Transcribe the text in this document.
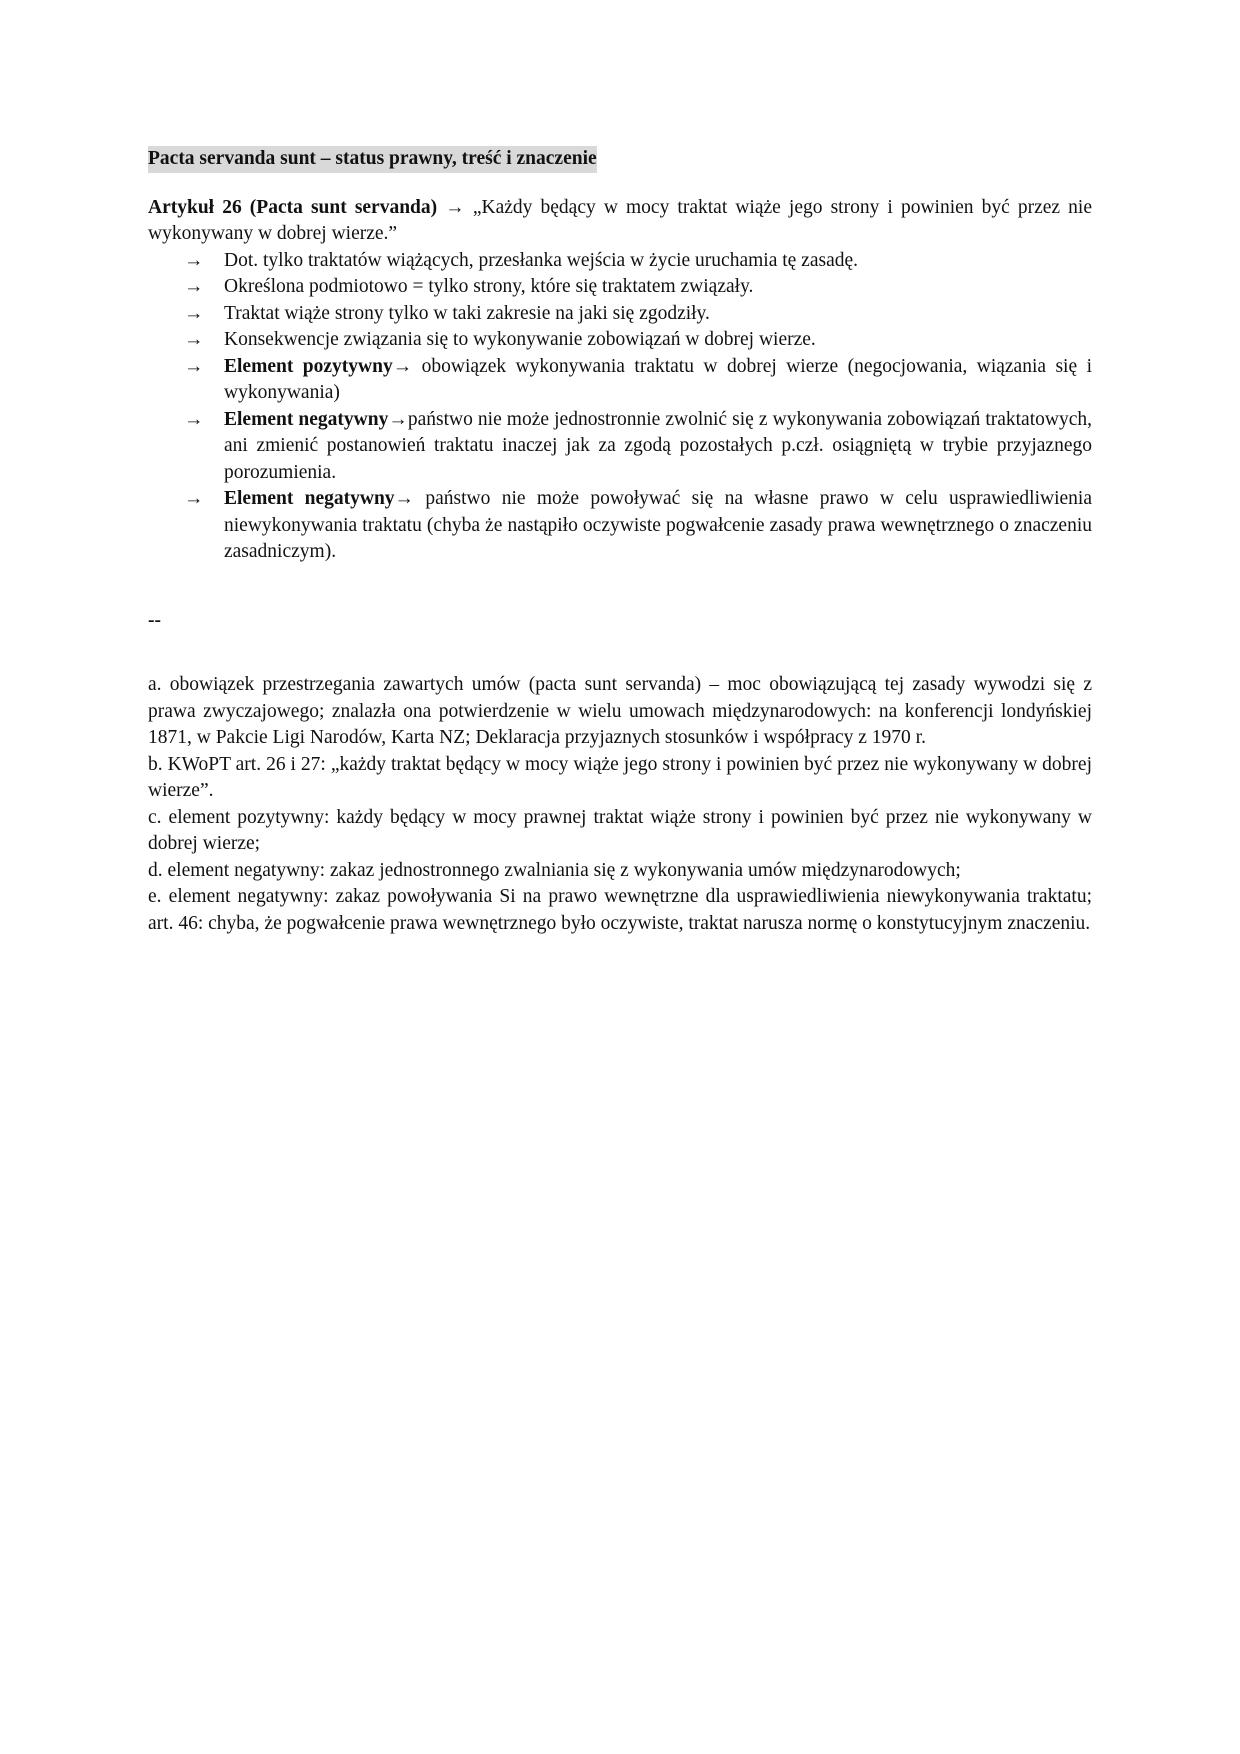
Pacta servanda sunt – status prawny, treść i znaczenie

Artykuł 26 (Pacta sunt servanda) → „Każdy będący w mocy traktat wiąże jego strony i powinien być przez nie wykonywany w dobrej wierze.”

→	Dot. tylko traktatów wiążących, przesłanka wejścia w życie uruchamia tę zasadę.
→	Określona podmiotowo = tylko strony, które się traktatem związały.
→	Traktat wiąże strony tylko w taki zakresie na jaki się zgodziły.
→	Konsekwencje związania się to wykonywanie zobowiązań w dobrej wierze.
→	Element pozytywny→ obowiązek wykonywania traktatu w dobrej wierze (negocjowania, wiązania się i wykonywania)
→	Element negatywny→państwo nie może jednostronnie zwolnić się z wykonywania zobowiązań traktatowych, ani zmienić postanowień traktatu inaczej jak za zgodą pozostałych p.czł. osiągniętą w trybie przyjaznego porozumienia.
→	Element negatywny→ państwo nie może powoływać się na własne prawo w celu usprawiedliwienia niewykonywania traktatu (chyba że nastąpiło oczywiste pogwałcenie zasady prawa wewnętrznego o znaczeniu zasadniczym).
--

a. obowiązek przestrzegania zawartych umów (pacta sunt servanda) – moc obowiązującą tej zasady wywodzi się z prawa zwyczajowego; znalazła ona potwierdzenie w wielu umowach międzynarodowych: na konferencji londyńskiej 1871, w Pakcie Ligi Narodów, Karta NZ; Deklaracja przyjaznych stosunków i współpracy z 1970 r.

b. KWoPT art. 26 i 27: „każdy traktat będący w mocy wiąże jego strony i powinien być przez nie wykonywany w dobrej wierze”.

c. element pozytywny: każdy będący w mocy prawnej traktat wiąże strony i powinien być przez nie wykonywany w dobrej wierze;

d. element negatywny: zakaz jednostronnego zwalniania się z wykonywania umów międzynarodowych;

e. element negatywny: zakaz powoływania Si na prawo wewnętrzne dla usprawiedliwienia niewykonywania traktatu; art. 46: chyba, że pogwałcenie prawa wewnętrznego było oczywiste, traktat narusza normę o konstytucyjnym znaczeniu.
